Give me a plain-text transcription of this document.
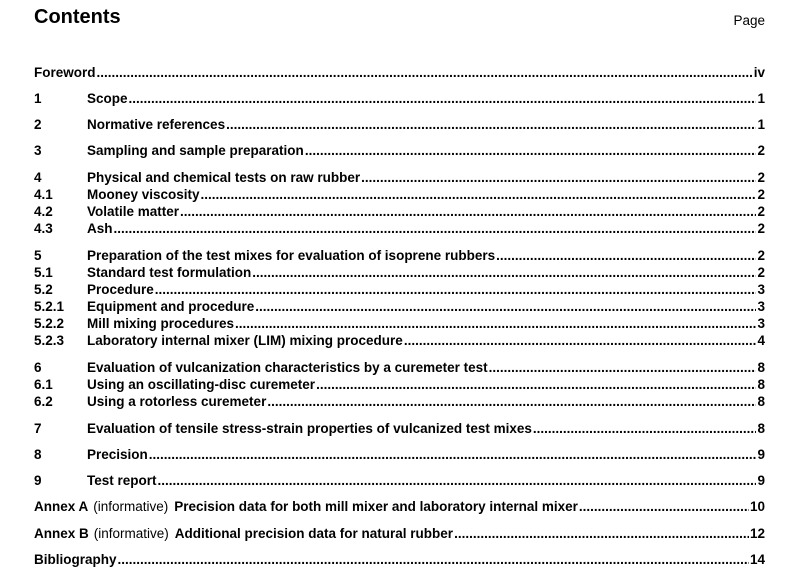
Contents	Page
Foreword .....	iv
1	Scope .....	1
2	Normative references .....	1
3	Sampling and sample preparation .....	2
4	Physical and chemical tests on raw rubber .....	2
4.1	Mooney viscosity .....	2
4.2	Volatile matter .....	2
4.3	Ash .....	2
5	Preparation of the test mixes for evaluation of isoprene rubbers .....	2
5.1	Standard test formulation .....	2
5.2	Procedure .....	3
5.2.1	Equipment and procedure .....	3
5.2.2	Mill mixing procedures .....	3
5.2.3	Laboratory internal mixer (LIM) mixing procedure .....	4
6	Evaluation of vulcanization characteristics by a curemeter test .....	8
6.1	Using an oscillating-disc curemeter .....	8
6.2	Using a rotorless curemeter .....	8
7	Evaluation of tensile stress-strain properties of vulcanized test mixes .....	8
8	Precision .....	9
9	Test report .....	9
Annex A (informative) Precision data for both mill mixer and laboratory internal mixer .....	10
Annex B (informative) Additional precision data for natural rubber .....	12
Bibliography .....	14
